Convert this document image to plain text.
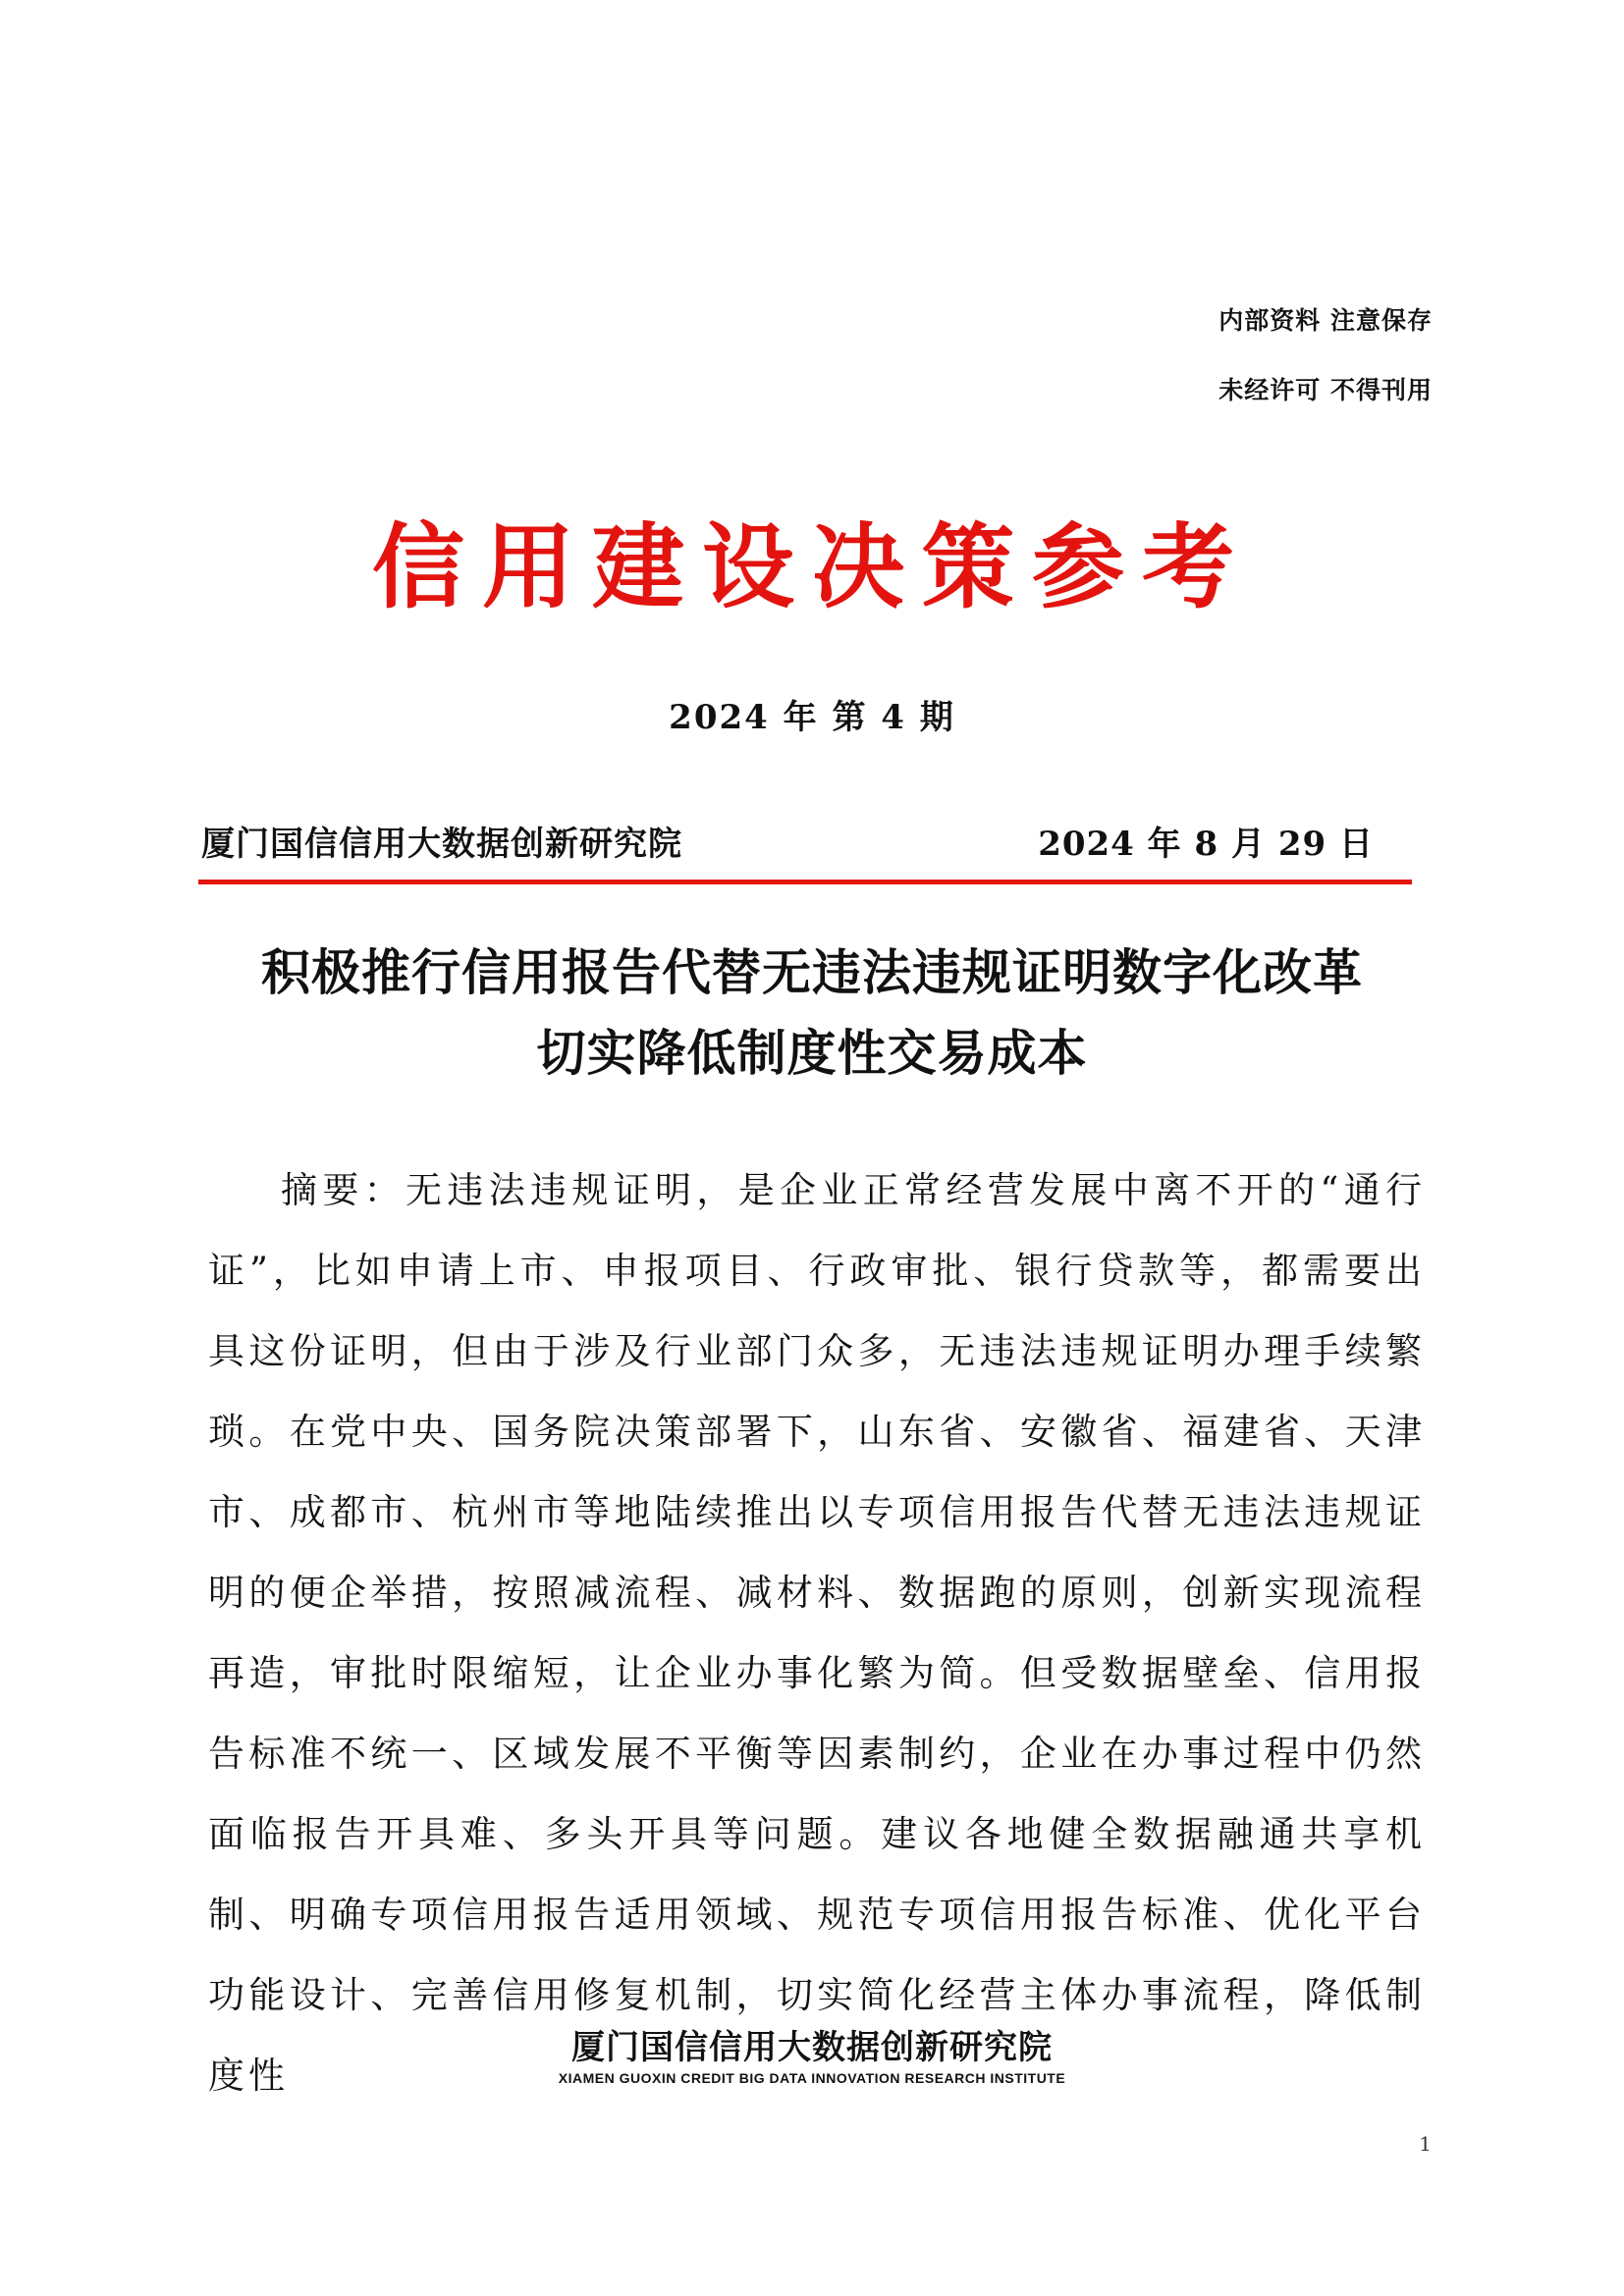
内部资料 注意保存
未经许可 不得刊用
信用建设决策参考
2024 年 第 4 期
厦门国信信用大数据创新研究院	2024 年 8 月 29 日
积极推行信用报告代替无违法违规证明数字化改革
切实降低制度性交易成本

摘要：无违法违规证明，是企业正常经营发展中离不开的“通行证”，比如申请上市、申报项目、行政审批、银行贷款等，都需要出具这份证明，但由于涉及行业部门众多，无违法违规证明办理手续繁琐。在党中央、国务院决策部署下，山东省、安徽省、福建省、天津市、成都市、杭州市等地陆续推出以专项信用报告代替无违法违规证明的便企举措，按照减流程、减材料、数据跑的原则，创新实现流程再造，审批时限缩短，让企业办事化繁为简。但受数据壁垒、信用报告标准不统一、区域发展不平衡等因素制约，企业在办事过程中仍然面临报告开具难、多头开具等问题。建议各地健全数据融通共享机制、明确专项信用报告适用领域、规范专项信用报告标准、优化平台功能设计、完善信用修复机制，切实简化经营主体办事流程，降低制度性

厦门国信信用大数据创新研究院
XIAMEN GUOXIN CREDIT BIG DATA INNOVATION RESEARCH INSTITUTE
1
